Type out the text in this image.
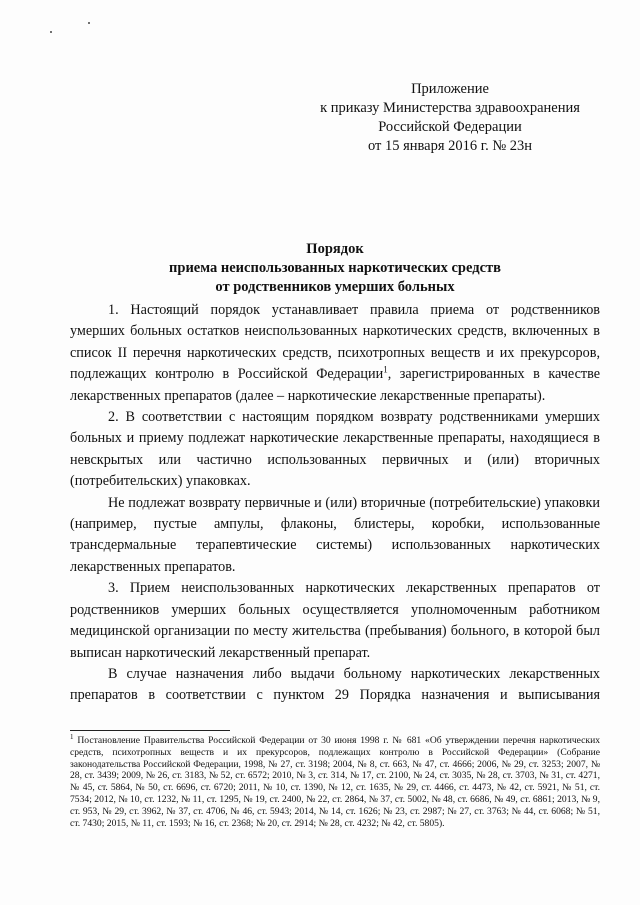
Приложение
к приказу Министерства здравоохранения
Российской Федерации
от 15 января 2016 г. № 23н
Порядок
приема неиспользованных наркотических средств
от родственников умерших больных

1. Настоящий порядок устанавливает правила приема от родственников умерших больных остатков неиспользованных наркотических средств, включенных в список II перечня наркотических средств, психотропных веществ и их прекурсоров, подлежащих контролю в Российской Федерации$^1$, зарегистрированных в качестве лекарственных препаратов (далее – наркотические лекарственные препараты).

2. В соответствии с настоящим порядком возврату родственниками умерших больных и приему подлежат наркотические лекарственные препараты, находящиеся в невскрытых или частично использованных первичных и (или) вторичных (потребительских) упаковках.

Не подлежат возврату первичные и (или) вторичные (потребительские) упаковки (например, пустые ампулы, флаконы, блистеры, коробки, использованные трансдермальные терапевтические системы) использованных наркотических лекарственных препаратов.

3. Прием неиспользованных наркотических лекарственных препаратов от родственников умерших больных осуществляется уполномоченным работником медицинской организации по месту жительства (пребывания) больного, в которой был выписан наркотический лекарственный препарат.

В случае назначения либо выдачи больному наркотических лекарственных препаратов в соответствии с пунктом 29 Порядка назначения и выписывания

$^1$ Постановление Правительства Российской Федерации от 30 июня 1998 г. № 681 «Об утверждении перечня наркотических средств, психотропных веществ и их прекурсоров, подлежащих контролю в Российской Федерации» (Собрание законодательства Российской Федерации, 1998, № 27, ст. 3198; 2004, № 8, ст. 663, № 47, ст. 4666; 2006, № 29, ст. 3253; 2007, № 28, ст. 3439; 2009, № 26, ст. 3183, № 52, ст. 6572; 2010, № 3, ст. 314, № 17, ст. 2100, № 24, ст. 3035, № 28, ст. 3703, № 31, ст. 4271, № 45, ст. 5864, № 50, ст. 6696, ст. 6720; 2011, № 10, ст. 1390, № 12, ст. 1635, № 29, ст. 4466, ст. 4473, № 42, ст. 5921, № 51, ст. 7534; 2012, № 10, ст. 1232, № 11, ст. 1295, № 19, ст. 2400, № 22, ст. 2864, № 37, ст. 5002, № 48, ст. 6686, № 49, ст. 6861; 2013, № 9, ст. 953, № 29, ст. 3962, № 37, ст. 4706, № 46, ст. 5943; 2014, № 14, ст. 1626; № 23, ст. 2987; № 27, ст. 3763; № 44, ст. 6068; № 51, ст. 7430; 2015, № 11, ст. 1593; № 16, ст. 2368; № 20, ст. 2914; № 28, ст. 4232; № 42, ст. 5805).
